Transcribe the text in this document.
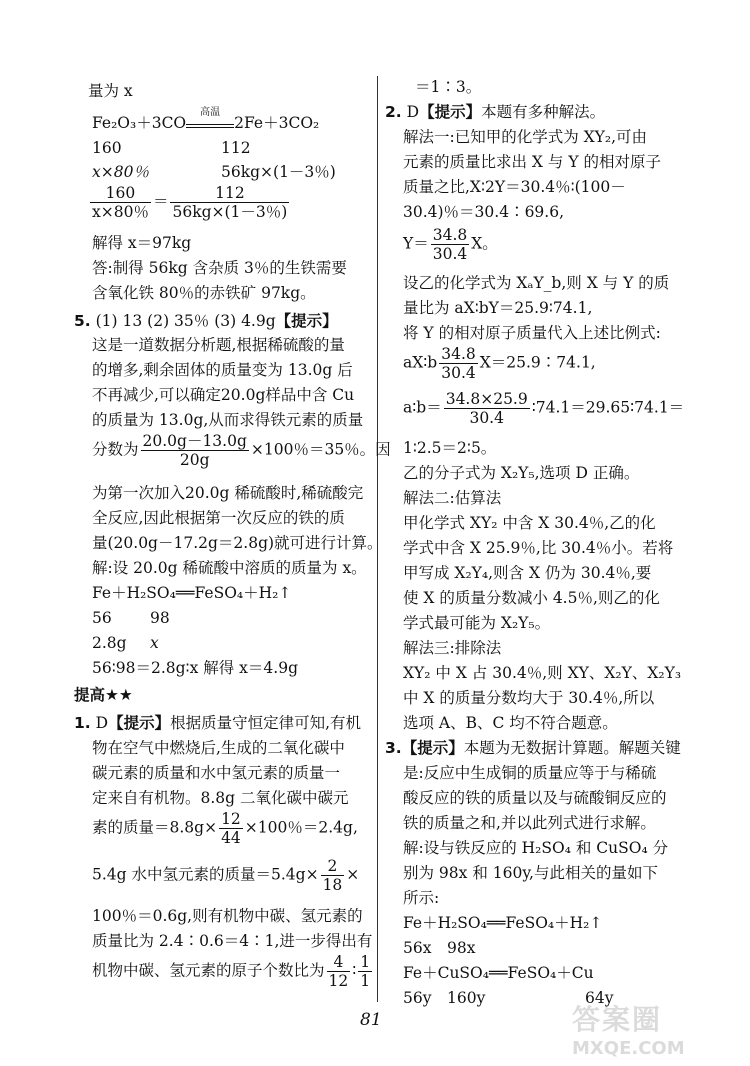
量为 x
Fe₂O₃＋3CO
高温
2Fe＋3CO₂
160	112
x×80％	56kg×(1－3％)
$\frac{160}{x\times 80\%} = \frac{112}{56kg\times(1-3\%)}$
解得 x＝97kg
答:制得 56kg 含杂质 3％的生铁需要
含氧化铁 80％的赤铁矿 97kg。
5. (1) 13 (2) 35％ (3) 4.9g【提示】
这是一道数据分析题,根据稀硫酸的量
的增多,剩余固体的质量变为 13.0g 后
不再减少,可以确定20.0g样品中含 Cu
的质量为 13.0g,从而求得铁元素的质量
分数为 $\frac{20.0g-13.0g}{20g} \times 100$％＝35％。因
为第一次加入20.0g 稀硫酸时,稀硫酸完
全反应,因此根据第一次反应的铁的质
量(20.0g－17.2g＝2.8g)就可进行计算。
解:设 20.0g 稀硫酸中溶质的质量为 x。
Fe＋H₂SO₄══FeSO₄＋H₂↑
56 98
2.8g x
56∶98＝2.8g∶x 解得 x＝4.9g
提高★★
1. D【提示】根据质量守恒定律可知,有机
物在空气中燃烧后,生成的二氧化碳中
碳元素的质量和水中氢元素的质量一
定来自有机物。8.8g 二氧化碳中碳元
素的质量$=8.8g\times \frac{12}{44} \times 100$％＝2.4g,
5.4g 水中氢元素的质量$=5.4g\times \frac{2}{18}$ ×
100％＝0.6g,则有机物中碳、氢元素的
质量比为 2.4∶0.6＝4∶1,进一步得出有
机物中碳、氢元素的原子个数比为 $\frac{4}{12}$ ∶ $\frac{1}{1}$
＝1∶3。
2. D【提示】本题有多种解法。
解法一:已知甲的化学式为 XY₂,可由
元素的质量比求出 X 与 Y 的相对原子
质量之比,X∶2Y＝30.4％∶(100－
30.4)％＝30.4∶69.6,
$Y= \frac{34.8}{30.4}$ X。
设乙的化学式为 XₐY_b,则 X 与 Y 的质
量比为 aX∶bY＝25.9∶74.1,
将 Y 的相对原子质量代入上述比例式:
aX∶b $\frac{34.8}{30.4}$ X＝25.9∶74.1,
a∶b＝ $\frac{34.8\times 25.9}{30.4}$ ∶74.1＝29.65∶74.1＝
1∶2.5＝2∶5。
乙的分子式为 X₂Y₅,选项 D 正确。
解法二:估算法
甲化学式 XY₂ 中含 X 30.4％,乙的化
学式中含 X 25.9％,比 30.4％小。若将
甲写成 X₂Y₄,则含 X 仍为 30.4％,要
使 X 的质量分数减小 4.5％,则乙的化
学式最可能为 X₂Y₅。
解法三:排除法
XY₂ 中 X 占 30.4％,则 XY、X₂Y、X₂Y₃
中 X 的质量分数均大于 30.4％,所以
选项 A、B、C 均不符合题意。
3.【提示】本题为无数据计算题。解题关键
是:反应中生成铜的质量应等于与稀硫
酸反应的铁的质量以及与硫酸铜反应的
铁的质量之和,并以此列式进行求解。
解:设与铁反应的 H₂SO₄ 和 CuSO₄ 分
别为 98x 和 160y,与此相关的量如下
所示:
Fe＋H₂SO₄══FeSO₄＋H₂↑
56x 98x
Fe＋CuSO₄══FeSO₄＋Cu
56y 160y	64y
81	答案圈
MXQE.COM
